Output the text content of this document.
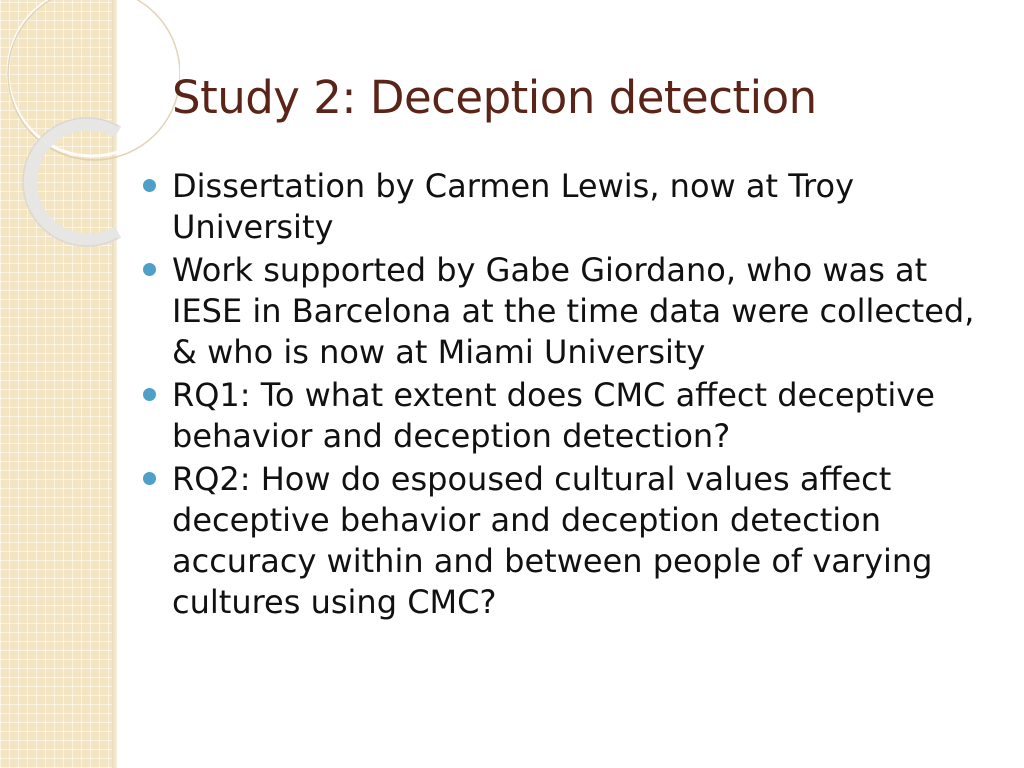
Study 2: Deception detection
Dissertation by Carmen Lewis, now at Troy University
Work supported by Gabe Giordano, who was at IESE in Barcelona at the time data were collected, & who is now at Miami University
RQ1: To what extent does CMC affect deceptive behavior and deception detection?
RQ2: How do espoused cultural values affect deceptive behavior and deception detection accuracy within and between people of varying cultures using CMC?
